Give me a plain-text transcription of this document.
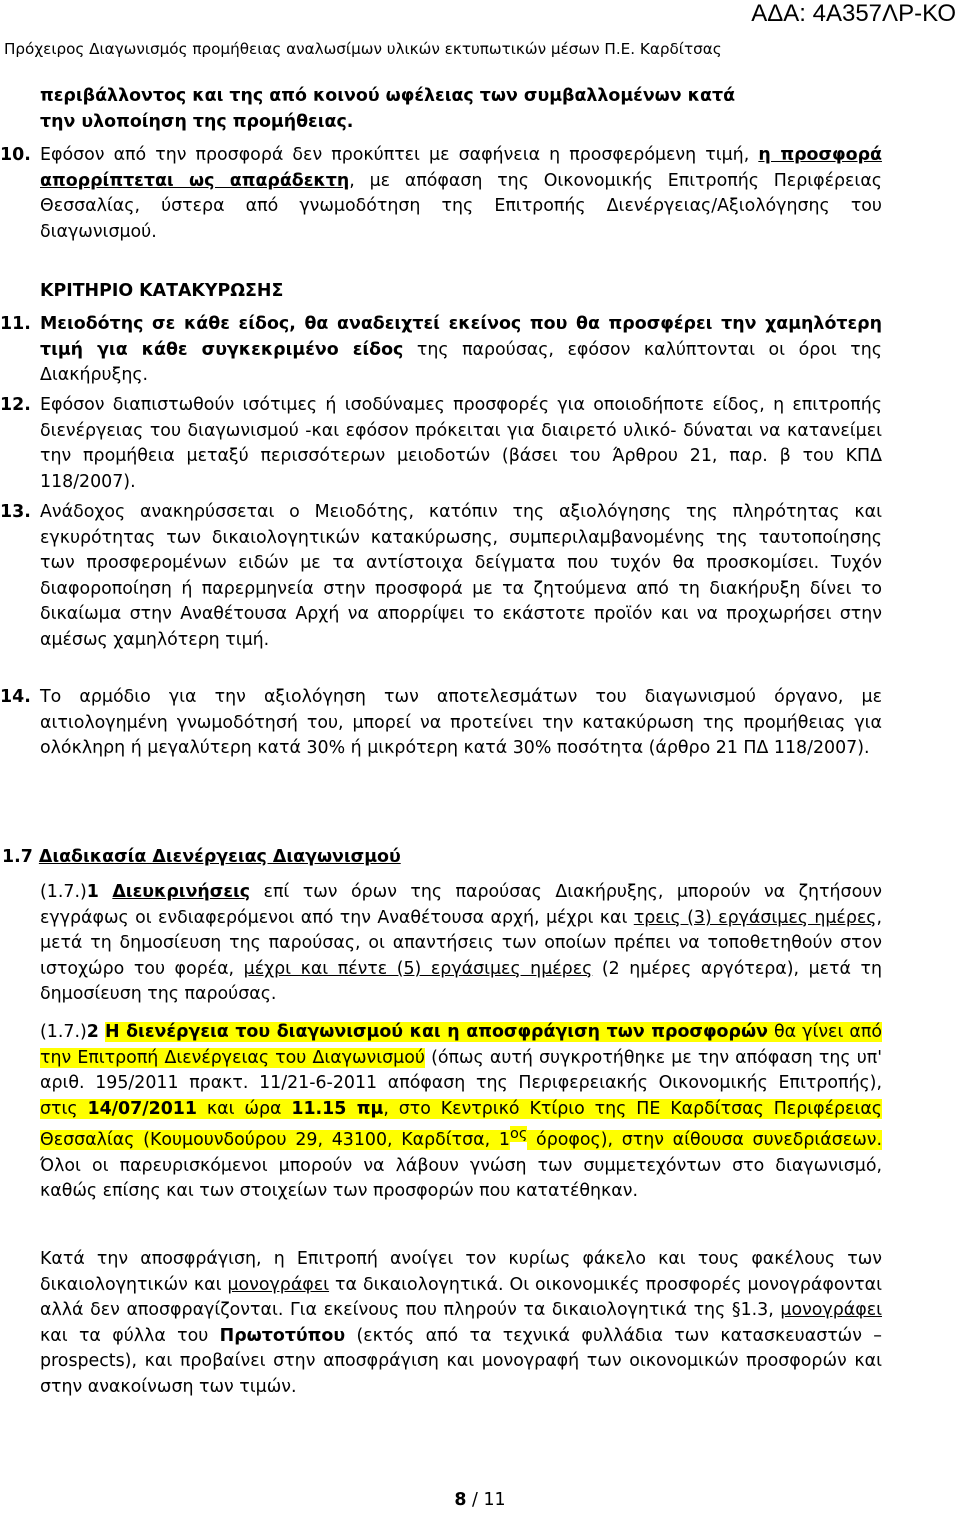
ΑΔΑ: 4Α357ΛΡ-ΚΟ
Πρόχειρος Διαγωνισμός προμήθειας αναλωσίμων υλικών εκτυπωτικών μέσων Π.Ε. Καρδίτσας
περιβάλλοντος και της από κοινού ωφέλειας των συμβαλλομένων κατά
την υλοποίηση της προμήθειας.
10. Εφόσον από την προσφορά δεν προκύπτει με σαφήνεια η προσφερόμενη τιμή, η προσφορά απορρίπτεται ως απαράδεκτη, με απόφαση της Οικονομικής Επιτροπής Περιφέρειας Θεσσαλίας, ύστερα από γνωμοδότηση της Επιτροπής Διενέργειας/Αξιολόγησης του διαγωνισμού.
ΚΡΙΤΗΡΙΟ ΚΑΤΑΚΥΡΩΣΗΣ
11. Μειοδότης σε κάθε είδος, θα αναδειχτεί εκείνος που θα προσφέρει την χαμηλότερη τιμή για κάθε συγκεκριμένο είδος της παρούσας, εφόσον καλύπτονται οι όροι της Διακήρυξης.
12. Εφόσον διαπιστωθούν ισότιμες ή ισοδύναμες προσφορές για οποιοδήποτε είδος, η επιτροπής διενέργειας του διαγωνισμού -και εφόσον πρόκειται για διαιρετό υλικό- δύναται να κατανείμει την προμήθεια μεταξύ περισσότερων μειοδοτών (βάσει του Άρθρου 21, παρ. β του ΚΠΔ 118/2007).
13. Ανάδοχος ανακηρύσσεται ο Μειοδότης, κατόπιν της αξιολόγησης της πληρότητας και εγκυρότητας των δικαιολογητικών κατακύρωσης, συμπεριλαμβανομένης της ταυτοποίησης των προσφερομένων ειδών με τα αντίστοιχα δείγματα που τυχόν θα προσκομίσει. Τυχόν διαφοροποίηση ή παρερμηνεία στην προσφορά με τα ζητούμενα από τη διακήρυξη δίνει το δικαίωμα στην Αναθέτουσα Αρχή να απορρίψει το εκάστοτε προϊόν και να προχωρήσει στην αμέσως χαμηλότερη τιμή.
14. Το αρμόδιο για την αξιολόγηση των αποτελεσμάτων του διαγωνισμού όργανο, με αιτιολογημένη γνωμοδότησή του, μπορεί να προτείνει την κατακύρωση της προμήθειας για ολόκληρη ή μεγαλύτερη κατά 30% ή μικρότερη κατά 30% ποσότητα (άρθρο 21 ΠΔ 118/2007).
1.7 Διαδικασία Διενέργειας Διαγωνισμού
(1.7.)1 Διευκρινήσεις επί των όρων της παρούσας Διακήρυξης, μπορούν να ζητήσουν εγγράφως οι ενδιαφερόμενοι από την Αναθέτουσα αρχή, μέχρι και τρεις (3) εργάσιμες ημέρες, μετά τη δημοσίευση της παρούσας, οι απαντήσεις των οποίων πρέπει να τοποθετηθούν στον ιστοχώρο του φορέα, μέχρι και πέντε (5) εργάσιμες ημέρες (2 ημέρες αργότερα), μετά τη δημοσίευση της παρούσας.
(1.7.)2 Η διενέργεια του διαγωνισμού και η αποσφράγιση των προσφορών θα γίνει από την Επιτροπή Διενέργειας του Διαγωνισμού (όπως αυτή συγκροτήθηκε με την απόφαση της υπ' αριθ. 195/2011 πρακτ. 11/21-6-2011 απόφαση της Περιφερειακής Οικονομικής Επιτροπής), στις 14/07/2011 και ώρα 11.15 πμ, στο Κεντρικό Κτίριο της ΠΕ Καρδίτσας Περιφέρειας Θεσσαλίας (Κουμουνδούρου 29, 43100, Καρδίτσα, $1^{o\varsigma}$ όροφος), στην αίθουσα συνεδριάσεων. Όλοι οι παρευρισκόμενοι μπορούν να λάβουν γνώση των συμμετεχόντων στο διαγωνισμό, καθώς επίσης και των στοιχείων των προσφορών που κατατέθηκαν.
Κατά την αποσφράγιση, η Επιτροπή ανοίγει τον κυρίως φάκελο και τους φακέλους των δικαιολογητικών και μονογράφει τα δικαιολογητικά. Οι οικονομικές προσφορές μονογράφονται αλλά δεν αποσφραγίζονται. Για εκείνους που πληρούν τα δικαιολογητικά της §1.3, μονογράφει και τα φύλλα του Πρωτοτύπου (εκτός από τα τεχνικά φυλλάδια των κατασκευαστών – prospects), και προβαίνει στην αποσφράγιση και μονογραφή των οικονομικών προσφορών και στην ανακοίνωση των τιμών.
8 / 11
